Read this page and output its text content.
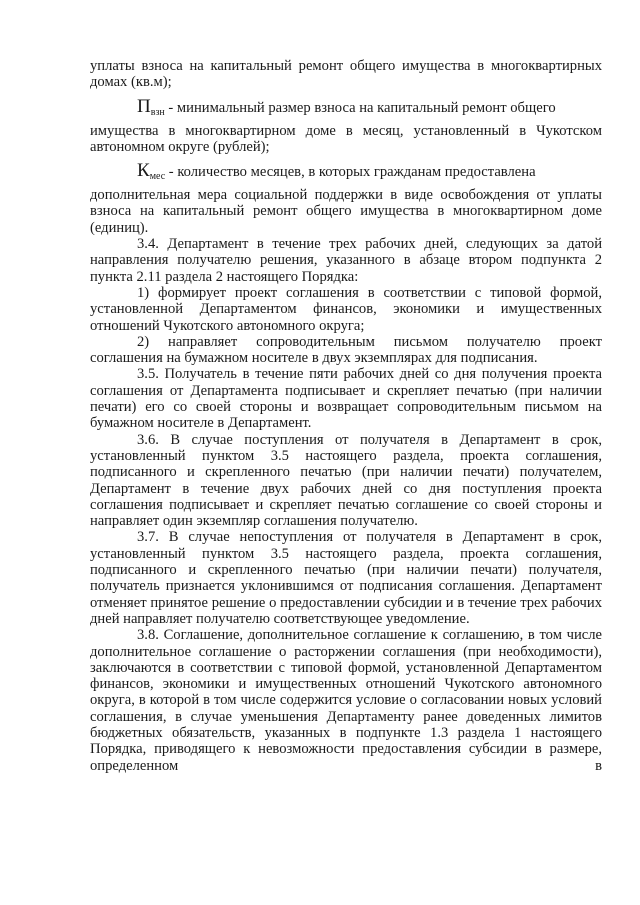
уплаты взноса на капитальный ремонт общего имущества в многоквартирных

домах (кв.м);

$П_{взн}$ - минимальный размер взноса на капитальный ремонт общего

имущества в многоквартирном доме в месяц, установленный в Чукотском автономном округе (рублей);

$К_{мес}$ - количество месяцев, в которых гражданам предоставлена

дополнительная мера социальной поддержки в виде освобождения от уплаты взноса на капитальный ремонт общего имущества в многоквартирном доме (единиц).

3.4. Департамент в течение трех рабочих дней, следующих за датой направления получателю решения, указанного в абзаце втором подпункта 2 пункта 2.11 раздела 2 настоящего Порядка:

1) формирует проект соглашения в соответствии с типовой формой, установленной Департаментом финансов, экономики и имущественных отношений Чукотского автономного округа;

2) направляет сопроводительным письмом получателю проект соглашения на бумажном носителе в двух экземплярах для подписания.

3.5. Получатель в течение пяти рабочих дней со дня получения проекта соглашения от Департамента подписывает и скрепляет печатью (при наличии печати) его со своей стороны и возвращает сопроводительным письмом на бумажном носителе в Департамент.

3.6. В случае поступления от получателя в Департамент в срок, установленный пунктом 3.5 настоящего раздела, проекта соглашения, подписанного и скрепленного печатью (при наличии печати) получателем, Департамент в течение двух рабочих дней со дня поступления проекта соглашения подписывает и скрепляет печатью соглашение со своей стороны и направляет один экземпляр соглашения получателю.

3.7. В случае непоступления от получателя в Департамент в срок, установленный пунктом 3.5 настоящего раздела, проекта соглашения, подписанного и скрепленного печатью (при наличии печати) получателя, получатель признается уклонившимся от подписания соглашения. Департамент отменяет принятое решение о предоставлении субсидии и в течение трех рабочих дней направляет получателю соответствующее уведомление.

3.8. Соглашение, дополнительное соглашение к соглашению, в том числе дополнительное соглашение о расторжении соглашения (при необходимости), заключаются в соответствии с типовой формой, установленной Департаментом финансов, экономики и имущественных отношений Чукотского автономного округа, в которой в том числе содержится условие о согласовании новых условий соглашения, в случае уменьшения Департаменту ранее доведенных лимитов бюджетных обязательств, указанных в подпункте 1.3 раздела 1 настоящего Порядка, приводящего к невозможности предоставления субсидии в размере, определенном в
